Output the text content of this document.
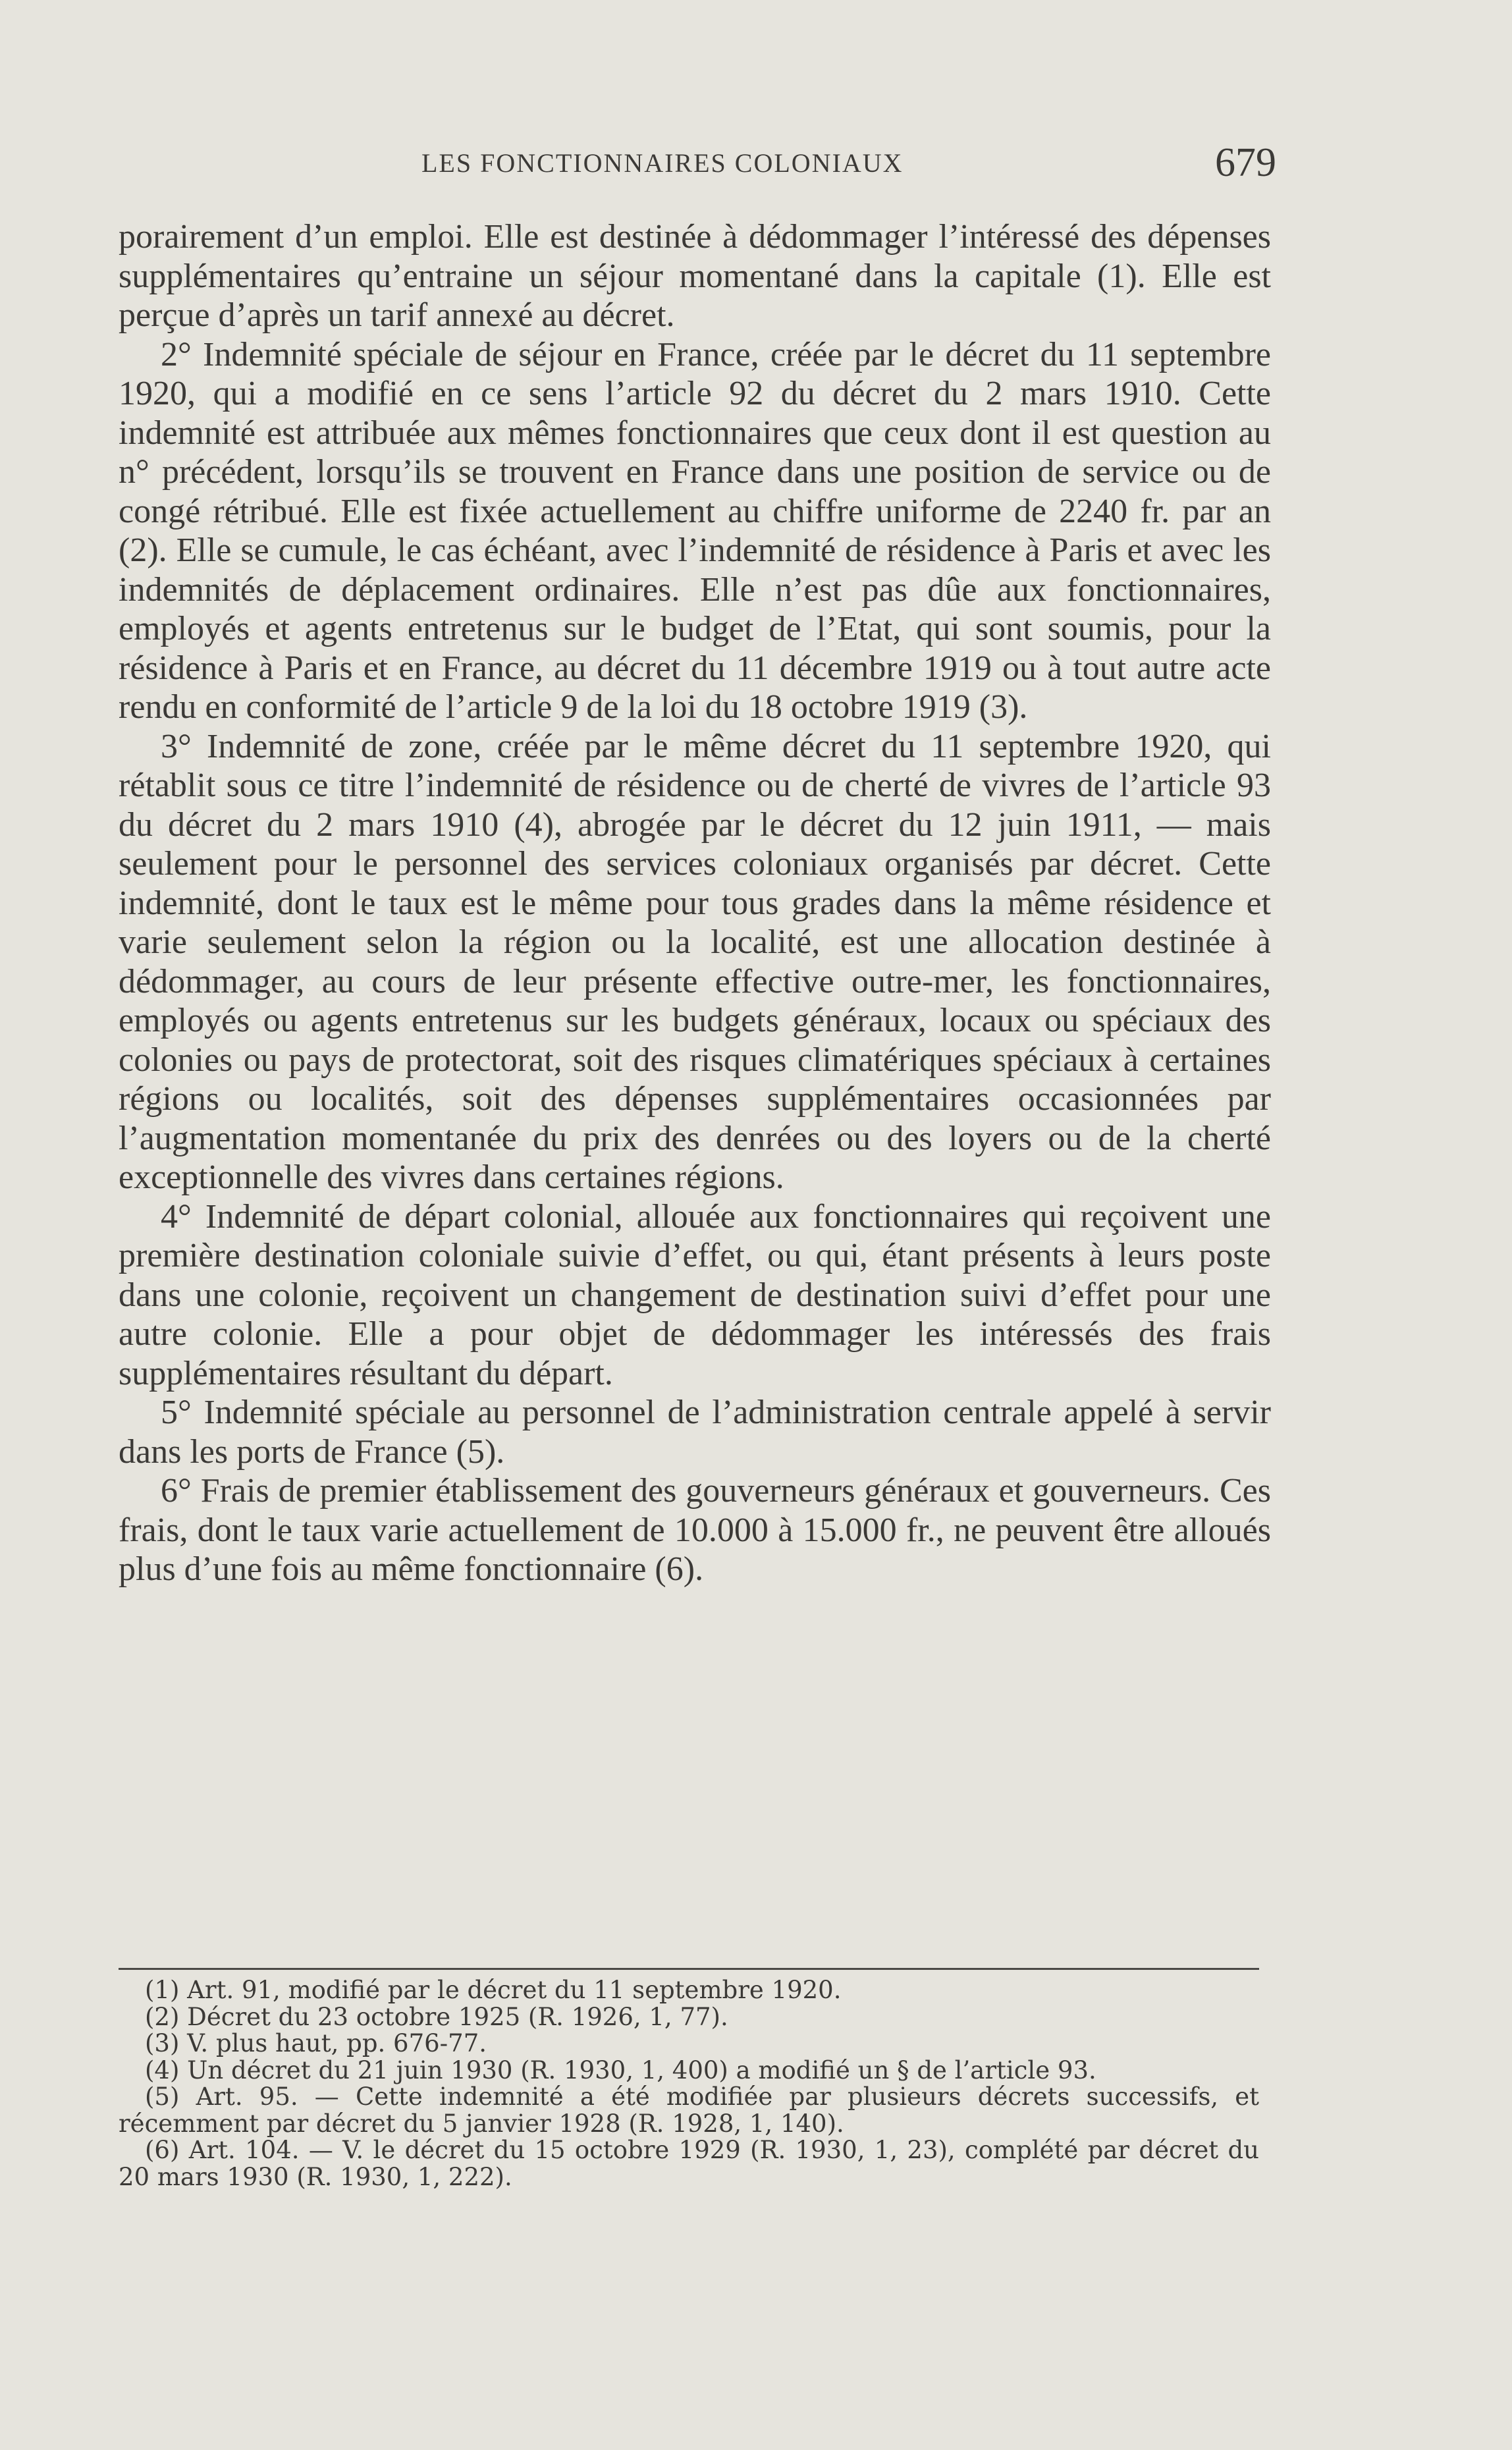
LES FONCTIONNAIRES COLONIAUX	679

porairement d’un emploi. Elle est destinée à dédommager l’intéressé des dépenses supplémentaires qu’entraine un séjour momentané dans la capitale (1). Elle est perçue d’après un tarif annexé au décret.

2° Indemnité spéciale de séjour en France, créée par le décret du 11 septembre 1920, qui a modifié en ce sens l’article 92 du décret du 2 mars 1910. Cette indemnité est attribuée aux mêmes fonctionnaires que ceux dont il est question au n° précédent, lorsqu’ils se trouvent en France dans une position de service ou de congé rétribué. Elle est fixée actuellement au chiffre uniforme de 2240 fr. par an (2). Elle se cumule, le cas échéant, avec l’indemnité de résidence à Paris et avec les indemnités de déplacement ordinaires. Elle n’est pas dûe aux fonctionnaires, employés et agents entretenus sur le budget de l’Etat, qui sont soumis, pour la résidence à Paris et en France, au décret du 11 décembre 1919 ou à tout autre acte rendu en conformité de l’article 9 de la loi du 18 octobre 1919 (3).

3° Indemnité de zone, créée par le même décret du 11 septembre 1920, qui rétablit sous ce titre l’indemnité de résidence ou de cherté de vivres de l’article 93 du décret du 2 mars 1910 (4), abrogée par le décret du 12 juin 1911, — mais seulement pour le personnel des services coloniaux organisés par décret. Cette indemnité, dont le taux est le même pour tous grades dans la même résidence et varie seulement selon la région ou la localité, est une allocation destinée à dédommager, au cours de leur présente effective outre-mer, les fonctionnaires, employés ou agents entretenus sur les budgets généraux, locaux ou spéciaux des colonies ou pays de protectorat, soit des risques climatériques spéciaux à certaines régions ou localités, soit des dépenses supplémentaires occasionnées par l’augmentation momentanée du prix des denrées ou des loyers ou de la cherté exceptionnelle des vivres dans certaines régions.

4° Indemnité de départ colonial, allouée aux fonctionnaires qui reçoivent une première destination coloniale suivie d’effet, ou qui, étant présents à leurs poste dans une colonie, reçoivent un changement de destination suivi d’effet pour une autre colonie. Elle a pour objet de dédommager les intéressés des frais supplémentaires résultant du départ.

5° Indemnité spéciale au personnel de l’administration centrale appelé à servir dans les ports de France (5).

6° Frais de premier établissement des gouverneurs généraux et gouverneurs. Ces frais, dont le taux varie actuellement de 10.000 à 15.000 fr., ne peuvent être alloués plus d’une fois au même fonctionnaire (6).

(1) Art. 91, modifié par le décret du 11 septembre 1920.

(2) Décret du 23 octobre 1925 (R. 1926, 1, 77).

(3) V. plus haut, pp. 676-77.

(4) Un décret du 21 juin 1930 (R. 1930, 1, 400) a modifié un § de l’article 93.

(5) Art. 95. — Cette indemnité a été modifiée par plusieurs décrets successifs, et récemment par décret du 5 janvier 1928 (R. 1928, 1, 140).

(6) Art. 104. — V. le décret du 15 octobre 1929 (R. 1930, 1, 23), complété par décret du 20 mars 1930 (R. 1930, 1, 222).
